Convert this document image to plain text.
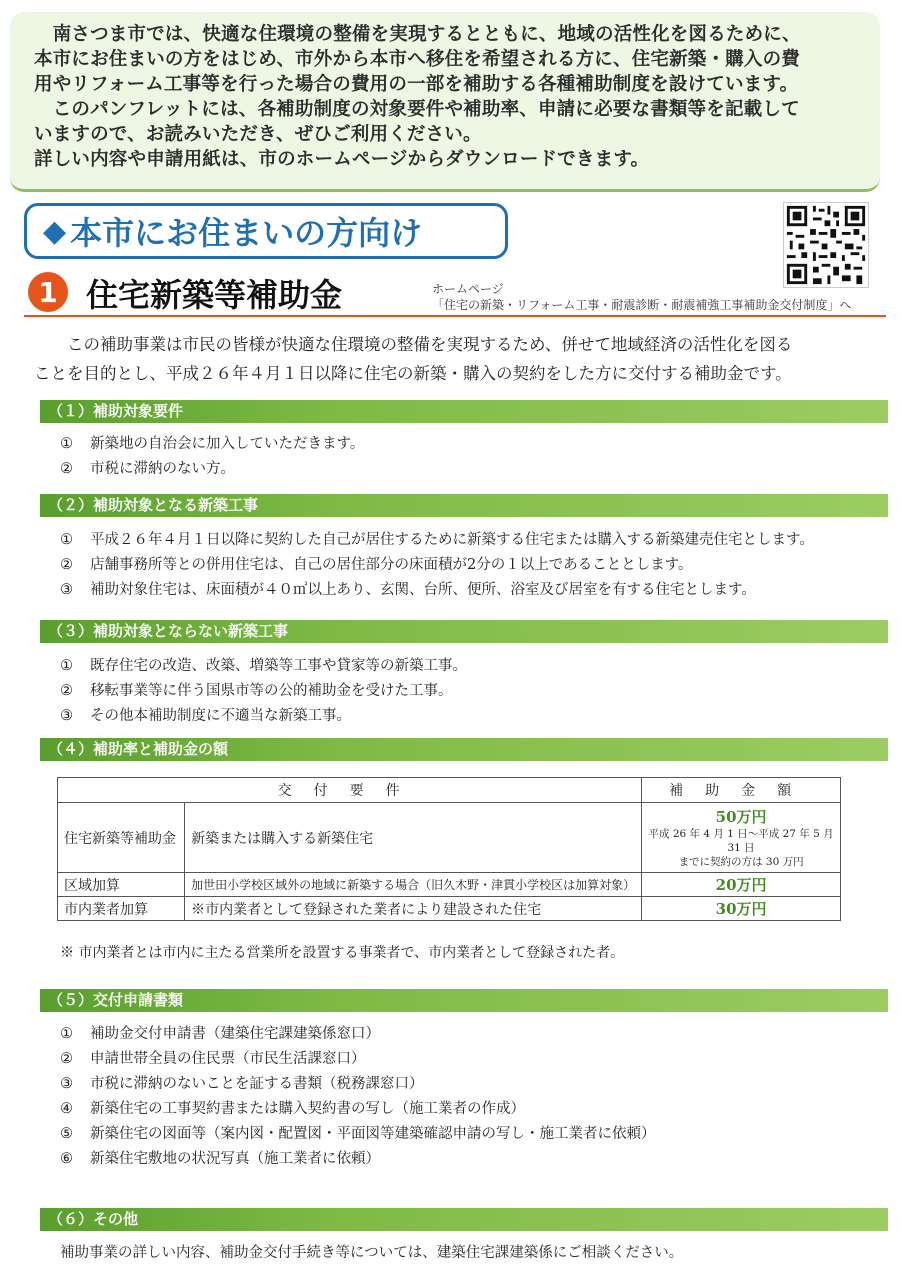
　南さつま市では、快適な住環境の整備を実現するとともに、地域の活性化を図るために、

本市にお住まいの方をはじめ、市外から本市へ移住を希望される方に、住宅新築・購入の費

用やリフォーム工事等を行った場合の費用の一部を補助する各種補助制度を設けています。

　このパンフレットには、各補助制度の対象要件や補助率、申請に必要な書類等を記載して

いますので、お読みいただき、ぜひご利用ください。

詳しい内容や申請用紙は、市のホームページからダウンロードできます。

◆ 本市にお住まいの方向け
1 住宅新築等補助金	ホームページ
「住宅の新築・リフォーム工事・耐震診断・耐震補強工事補助金交付制度」へ

　　この補助事業は市民の皆様が快適な住環境の整備を実現するため、併せて地域経済の活性化を図る

ことを目的とし、平成２６年４月１日以降に住宅の新築・購入の契約をした方に交付する補助金です。

（１）補助対象要件
① 新築地の自治会に加入していただきます。
② 市税に滞納のない方。
（２）補助対象となる新築工事
① 平成２６年４月１日以降に契約した自己が居住するために新築する住宅または購入する新築建売住宅とします。
② 店舗事務所等との併用住宅は、自己の居住部分の床面積が2分の１以上であることとします。
③ 補助対象住宅は、床面積が４０㎡以上あり、玄関、台所、便所、浴室及び居室を有する住宅とします。
（３）補助対象とならない新築工事
① 既存住宅の改造、改築、増築等工事や貸家等の新築工事。
② 移転事業等に伴う国県市等の公的補助金を受けた工事。
③ その他本補助制度に不適当な新築工事。
（４）補助率と補助金の額
交付要件		補助金額
住宅新築等補助金	新築または購入する新築住宅	50万円
平成 26 年 4 月 1 日〜平成 27 年 5 月 31 日
までに契約の方は 30 万円

区域加算	加世田小学校区域外の地域に新築する場合（旧久木野・津貫小学校区は加算対象）	20万円
市内業者加算	※市内業者として登録された業者により建設された住宅	30万円
※ 市内業者とは市内に主たる営業所を設置する事業者で、市内業者として登録された者。
（５）交付申請書類
① 補助金交付申請書（建築住宅課建築係窓口）
② 申請世帯全員の住民票（市民生活課窓口）
③ 市税に滞納のないことを証する書類（税務課窓口）
④ 新築住宅の工事契約書または購入契約書の写し（施工業者の作成）
⑤ 新築住宅の図面等（案内図・配置図・平面図等建築確認申請の写し・施工業者に依頼）
⑥ 新築住宅敷地の状況写真（施工業者に依頼）
（６）その他
補助事業の詳しい内容、補助金交付手続き等については、建築住宅課建築係にご相談ください。
